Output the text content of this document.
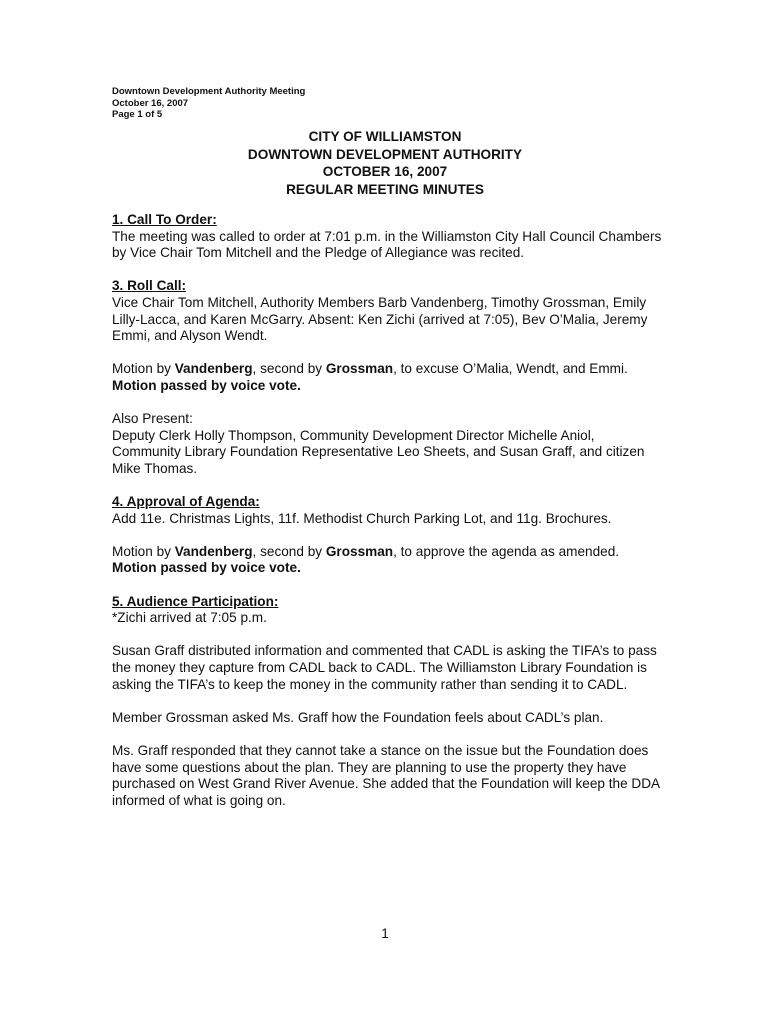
Downtown Development Authority Meeting
October 16, 2007
Page 1 of 5
CITY OF WILLIAMSTON
DOWNTOWN DEVELOPMENT AUTHORITY
OCTOBER 16, 2007
REGULAR MEETING MINUTES

1. Call To Order:

The meeting was called to order at 7:01 p.m. in the Williamston City Hall Council Chambers by Vice Chair Tom Mitchell and the Pledge of Allegiance was recited.

3. Roll Call:

Vice Chair Tom Mitchell, Authority Members Barb Vandenberg, Timothy Grossman, Emily Lilly-Lacca, and Karen McGarry. Absent: Ken Zichi (arrived at 7:05), Bev O’Malia, Jeremy Emmi, and Alyson Wendt.

Motion by Vandenberg, second by Grossman, to excuse O’Malia, Wendt, and Emmi. Motion passed by voice vote.

Also Present:

Deputy Clerk Holly Thompson, Community Development Director Michelle Aniol, Community Library Foundation Representative Leo Sheets, and Susan Graff, and citizen Mike Thomas.

4. Approval of Agenda:

Add 11e. Christmas Lights, 11f. Methodist Church Parking Lot, and 11g. Brochures.

Motion by Vandenberg, second by Grossman, to approve the agenda as amended. Motion passed by voice vote.

5. Audience Participation:

*Zichi arrived at 7:05 p.m.

Susan Graff distributed information and commented that CADL is asking the TIFA’s to pass the money they capture from CADL back to CADL. The Williamston Library Foundation is asking the TIFA’s to keep the money in the community rather than sending it to CADL.

Member Grossman asked Ms. Graff how the Foundation feels about CADL’s plan.

Ms. Graff responded that they cannot take a stance on the issue but the Foundation does have some questions about the plan. They are planning to use the property they have purchased on West Grand River Avenue. She added that the Foundation will keep the DDA informed of what is going on.

1
